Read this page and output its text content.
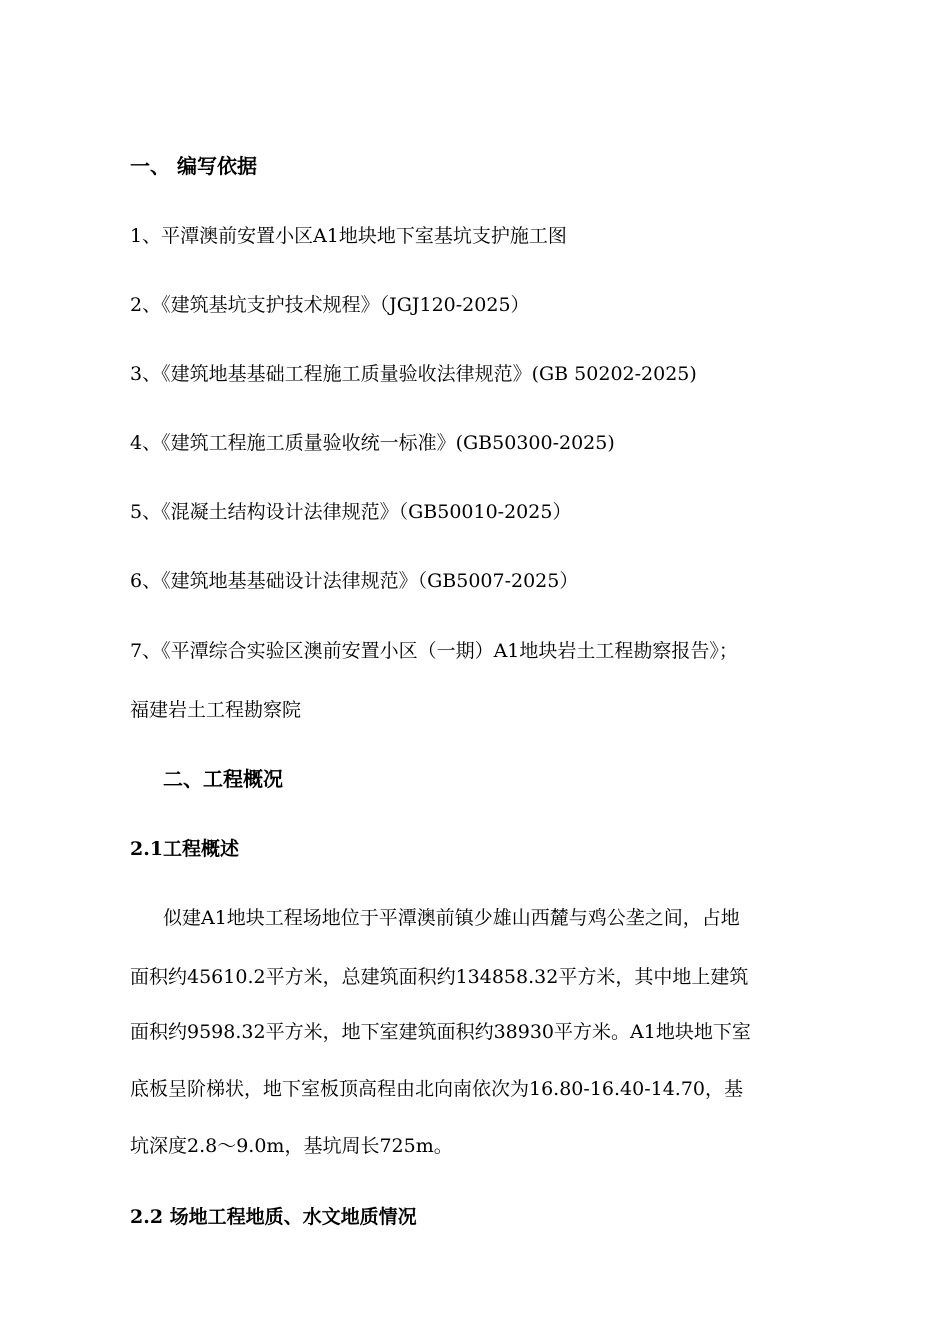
一、 编写依据
1、平潭澳前安置小区A1地块地下室基坑支护施工图
2、《建筑基坑支护技术规程》（JGJ120-2025）
3、《建筑地基基础工程施工质量验收法律规范》(GB 50202-2025)
4、《建筑工程施工质量验收统一标准》(GB50300-2025)
5、《混凝土结构设计法律规范》（GB50010-2025）
6、《建筑地基基础设计法律规范》（GB5007-2025）
7、《平潭综合实验区澳前安置小区（一期）A1地块岩土工程勘察报告》；
福建岩土工程勘察院
二、工程概况
2.1工程概述
似建A1地块工程场地位于平潭澳前镇少雄山西麓与鸡公垄之间，占地
面积约45610.2平方米，总建筑面积约134858.32平方米，其中地上建筑
面积约9598.32平方米，地下室建筑面积约38930平方米。A1地块地下室
底板呈阶梯状，地下室板顶高程由北向南依次为16.80-16.40-14.70，基
坑深度2.8～9.0m，基坑周长725m。
2.2 场地工程地质、水文地质情况
